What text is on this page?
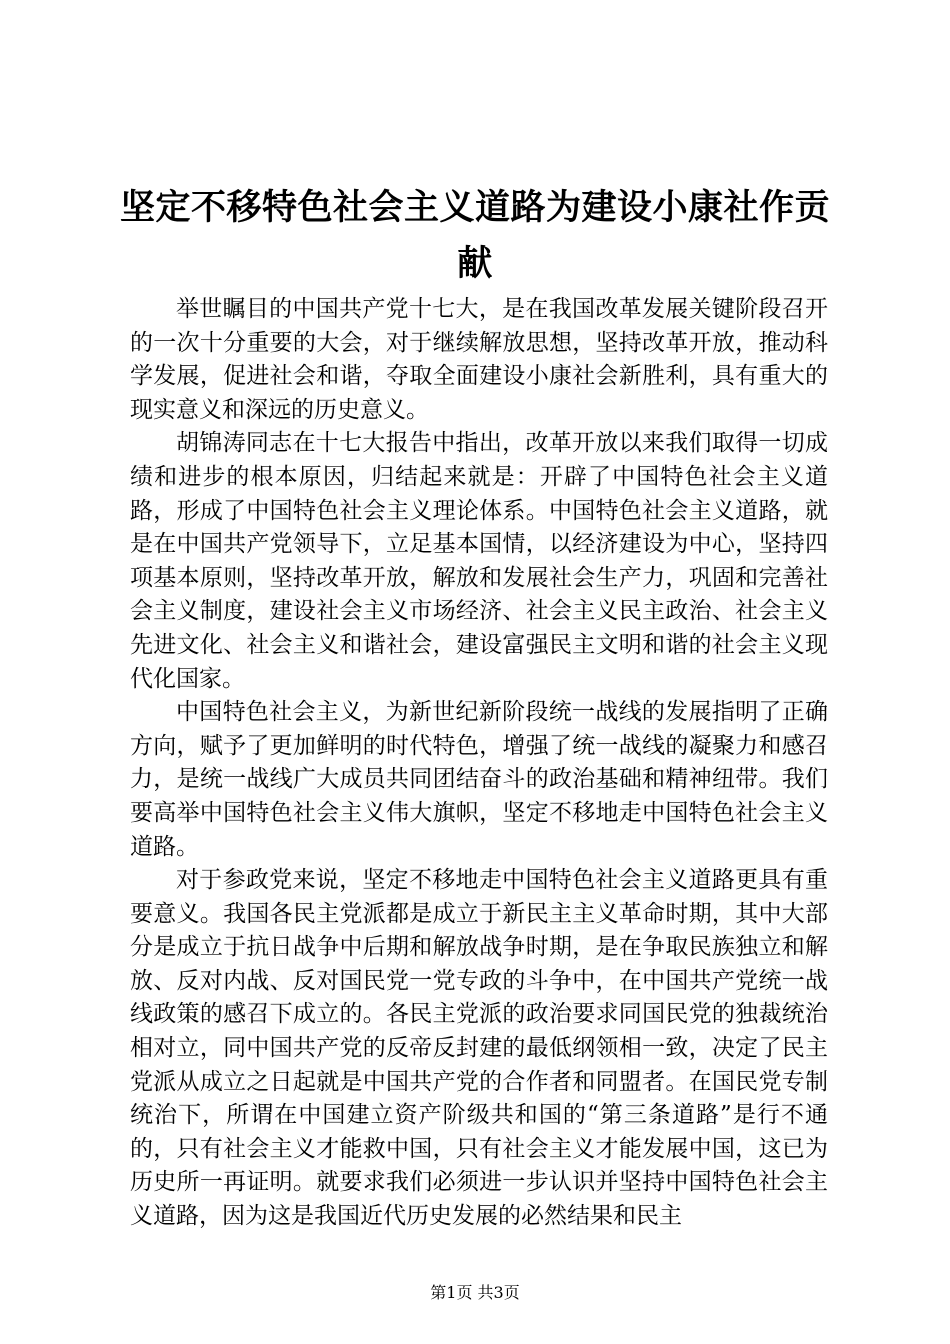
坚定不移特色社会主义道路为建设小康社作贡献

举世瞩目的中国共产党十七大，是在我国改革发展关键阶段召开的一次十分重要的大会，对于继续解放思想，坚持改革开放，推动科学发展，促进社会和谐，夺取全面建设小康社会新胜利，具有重大的现实意义和深远的历史意义。

胡锦涛同志在十七大报告中指出，改革开放以来我们取得一切成绩和进步的根本原因，归结起来就是：开辟了中国特色社会主义道路，形成了中国特色社会主义理论体系。中国特色社会主义道路，就是在中国共产党领导下，立足基本国情，以经济建设为中心，坚持四项基本原则，坚持改革开放，解放和发展社会生产力，巩固和完善社会主义制度，建设社会主义市场经济、社会主义民主政治、社会主义先进文化、社会主义和谐社会，建设富强民主文明和谐的社会主义现代化国家。

中国特色社会主义，为新世纪新阶段统一战线的发展指明了正确方向，赋予了更加鲜明的时代特色，增强了统一战线的凝聚力和感召力，是统一战线广大成员共同团结奋斗的政治基础和精神纽带。我们要高举中国特色社会主义伟大旗帜，坚定不移地走中国特色社会主义道路。

对于参政党来说，坚定不移地走中国特色社会主义道路更具有重要意义。我国各民主党派都是成立于新民主主义革命时期，其中大部分是成立于抗日战争中后期和解放战争时期，是在争取民族独立和解放、反对内战、反对国民党一党专政的斗争中，在中国共产党统一战线政策的感召下成立的。各民主党派的政治要求同国民党的独裁统治相对立，同中国共产党的反帝反封建的最低纲领相一致，决定了民主党派从成立之日起就是中国共产党的合作者和同盟者。在国民党专制统治下，所谓在中国建立资产阶级共和国的“第三条道路”是行不通的，只有社会主义才能救中国，只有社会主义才能发展中国，这已为历史所一再证明。就要求我们必须进一步认识并坚持中国特色社会主义道路，因为这是我国近代历史发展的必然结果和民主

第1页 共3页
